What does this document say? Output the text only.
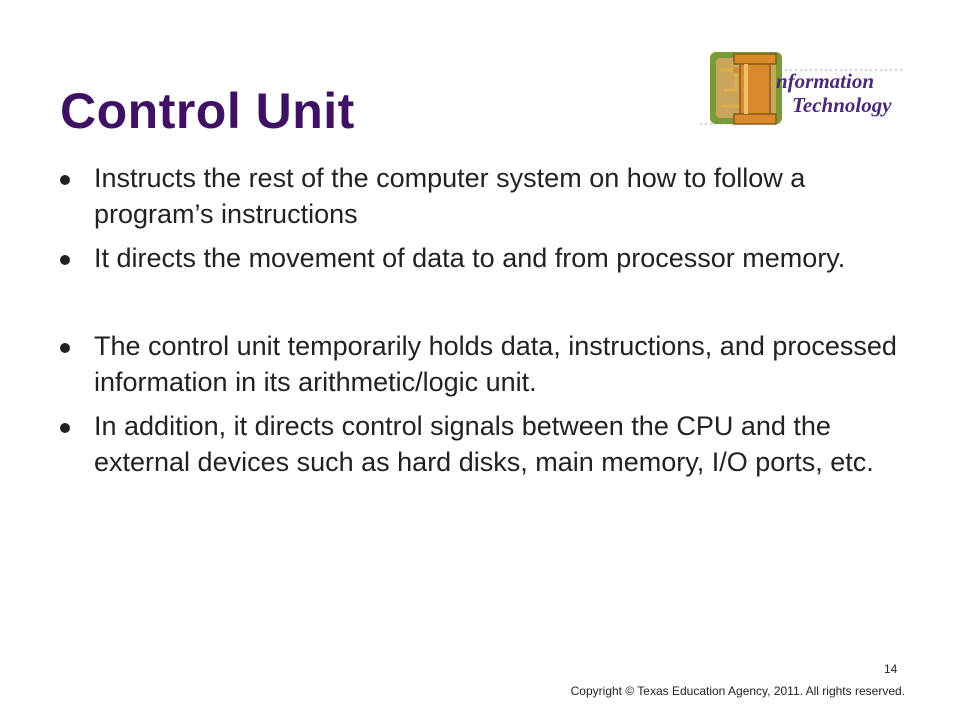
Control Unit
nformation
Technology
Instructs the rest of the computer system on how to follow a program’s instructions
It directs the movement of data to and from processor memory.
The control unit temporarily holds data, instructions, and processed information in its arithmetic/logic unit.
In addition, it directs control signals between the CPU and the external devices such as hard disks, main memory, I/O ports, etc.
14
Copyright © Texas Education Agency, 2011. All rights reserved.
